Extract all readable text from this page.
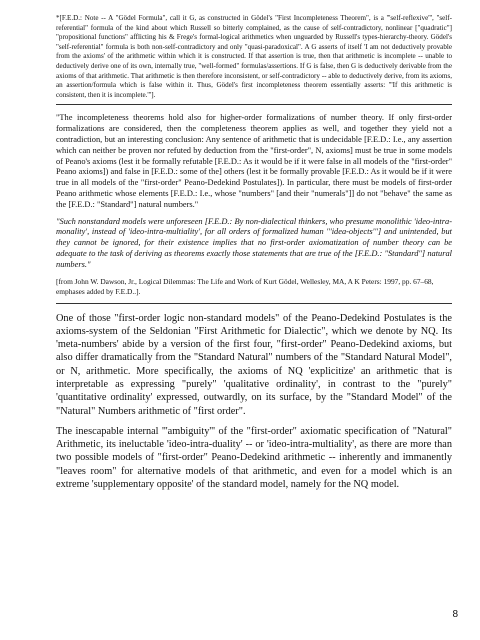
*[F.E.D.: Note -- A "Gödel Formula", call it G, as constructed in Gödel's "First Incompleteness Theorem", is a '''self-reflexive''', "self-referential" formula of the kind about which Russell so bitterly complained, as the cause of self-contradictory, nonlinear ["quadratic"] "propositional functions" afflicting his & Frege's formal-logical arithmetics when unguarded by Russell's types-hierarchy-theory. Gödel's "self-referential" formula is both non-self-contradictory and only "quasi-paradoxical". A G asserts of itself 'I am not deductively provable from the axioms' of the arithmetic within which it is constructed. If that assertion is true, then that arithmetic is incomplete -- unable to deductively derive one of its own, internally true, "well-formed" formulas/assertions. If G is false, then G is deductively derivable from the axioms of that arithmetic. That arithmetic is then therefore inconsistent, or self-contradictory -- able to deductively derive, from its axioms, an assertion/formula which is false within it. Thus, Gödel's first incompleteness theorem essentially asserts: '''If this arithmetic is consistent, then it is incomplete.'''].

"The incompleteness theorems hold also for higher-order formalizations of number theory. If only first-order formalizations are considered, then the completeness theorem applies as well, and together they yield not a contradiction, but an interesting conclusion: Any sentence of arithmetic that is undecidable [F.E.D.: I.e., any assertion which can neither be proven nor refuted by deduction from the "first-order", N, axioms] must be true in some models of Peano's axioms (lest it be formally refutable [F.E.D.: As it would be if it were false in all models of the "first-order" Peano axioms]) and false in [F.E.D.: some of the] others (lest it be formally provable [F.E.D.: As it would be if it were true in all models of the "first-order" Peano-Dedekind Postulates]). In particular, there must be models of first-order Peano arithmetic whose elements [F.E.D.: I.e., whose "numbers" [and their "numerals"]] do not "behave" the same as the [F.E.D.: "Standard"] natural numbers."

"Such nonstandard models were unforeseen [F.E.D.: By non-dialectical thinkers, who presume monolithic 'ideo-intra-monality', instead of 'ideo-intra-multiality', for all orders of formalized human '''idea-objects'''] and unintended, but they cannot be ignored, for their existence implies that no first-order axiomatization of number theory can be adequate to the task of deriving as theorems exactly those statements that are true of the [F.E.D.: "Standard"] natural numbers."

[from John W. Dawson, Jr., Logical Dilemmas: The Life and Work of Kurt Gödel, Wellesley, MA, A K Peters: 1997, pp. 67–68, emphases added by F.E.D..].

One of those "first-order logic non-standard models" of the Peano-Dedekind Postulates is the axioms-system of the Seldonian "First Arithmetic for Dialectic", which we denote by NQ. Its 'meta-numbers' abide by a version of the first four, "first-order" Peano-Dedekind axioms, but also differ dramatically from the "Standard Natural" numbers of the "Standard Natural Model", or N, arithmetic. More specifically, the axioms of NQ 'explicitize' an arithmetic that is interpretable as expressing "purely" 'qualitative ordinality', in contrast to the "purely" 'quantitative ordinality' expressed, outwardly, on its surface, by the "Standard Model" of the "Natural" Numbers arithmetic of "first order".

The inescapable internal '''ambiguity''' of the "first-order" axiomatic specification of "Natural" Arithmetic, its ineluctable 'ideo-intra-duality' -- or 'ideo-intra-multiality', as there are more than two possible models of "first-order" Peano-Dedekind arithmetic -- inherently and immanently "leaves room" for alternative models of that arithmetic, and even for a model which is an extreme 'supplementary opposite' of the standard model, namely for the NQ model.

8
